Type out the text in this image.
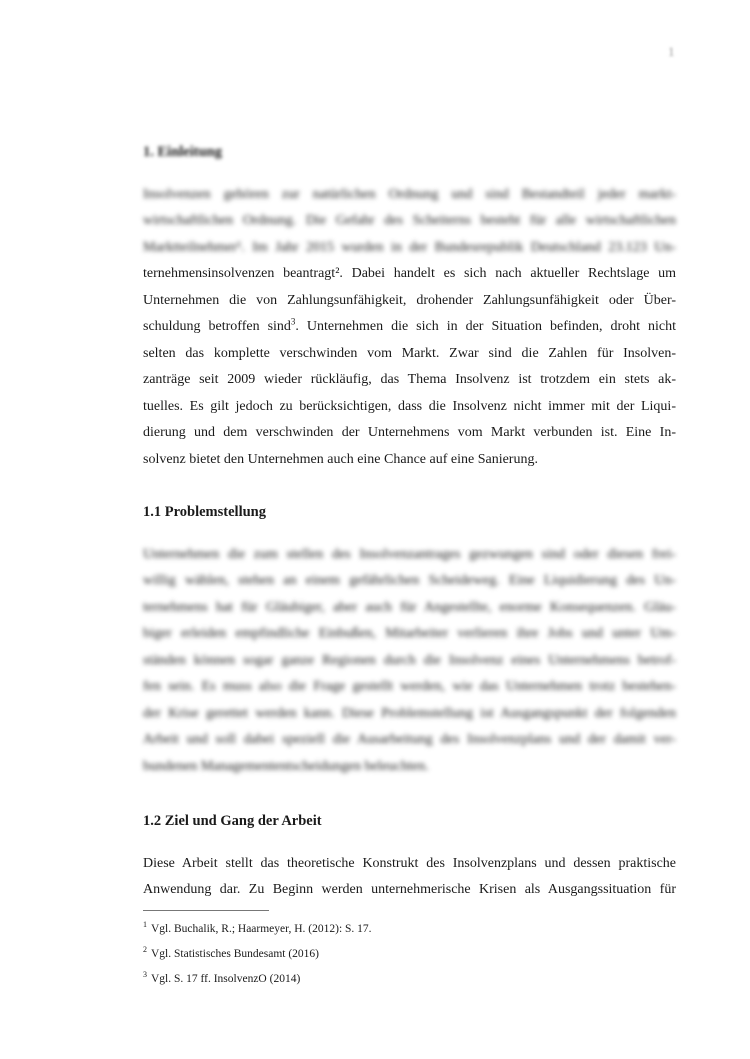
1
1. Einleitung
Insolvenzen gehören zur natürlichen Ordnung und sind Bestandteil jeder markt-
wirtschaftlichen Ordnung. Die Gefahr des Scheiterns besteht für alle wirtschaftlichen
Marktteilnehmer¹. Im Jahr 2015 wurden in der Bundesrepublik Deutschland 23.123 Un-
ternehmensinsolvenzen beantragt². Dabei handelt es sich nach aktueller Rechtslage um
Unternehmen die von Zahlungsunfähigkeit, drohender Zahlungsunfähigkeit oder Über-
schuldung betroffen sind$^3$. Unternehmen die sich in der Situation befinden, droht nicht
selten das komplette verschwinden vom Markt. Zwar sind die Zahlen für Insolven-
zanträge seit 2009 wieder rückläufig, das Thema Insolvenz ist trotzdem ein stets ak-
tuelles. Es gilt jedoch zu berücksichtigen, dass die Insolvenz nicht immer mit der Liqui-
dierung und dem verschwinden der Unternehmens vom Markt verbunden ist. Eine In-
solvenz bietet den Unternehmen auch eine Chance auf eine Sanierung.
1.1 Problemstellung
Unternehmen die zum stellen des Insolvenzantrages gezwungen sind oder diesen frei-
willig wählen, stehen an einem gefährlichen Scheideweg. Eine Liquidierung des Un-
ternehmens hat für Gläubiger, aber auch für Angestellte, enorme Konsequenzen. Gläu-
biger erleiden empfindliche Einbußen, Mitarbeiter verlieren ihre Jobs und unter Um-
ständen können sogar ganze Regionen durch die Insolvenz eines Unternehmens betrof-
fen sein. Es muss also die Frage gestellt werden, wie das Unternehmen trotz bestehen-
der Krise gerettet werden kann. Diese Problemstellung ist Ausgangspunkt der folgenden
Arbeit und soll dabei speziell die Ausarbeitung des Insolvenzplans und der damit ver-
bundenen Managemententscheidungen beleuchten.
1.2 Ziel und Gang der Arbeit
Diese Arbeit stellt das theoretische Konstrukt des Insolvenzplans und dessen praktische
Anwendung dar. Zu Beginn werden unternehmerische Krisen als Ausgangssituation für
$^1$ Vgl. Buchalik, R.; Haarmeyer, H. (2012): S. 17.
$^2$ Vgl. Statistisches Bundesamt (2016)
$^3$ Vgl. S. 17 ff. InsolvenzO (2014)
